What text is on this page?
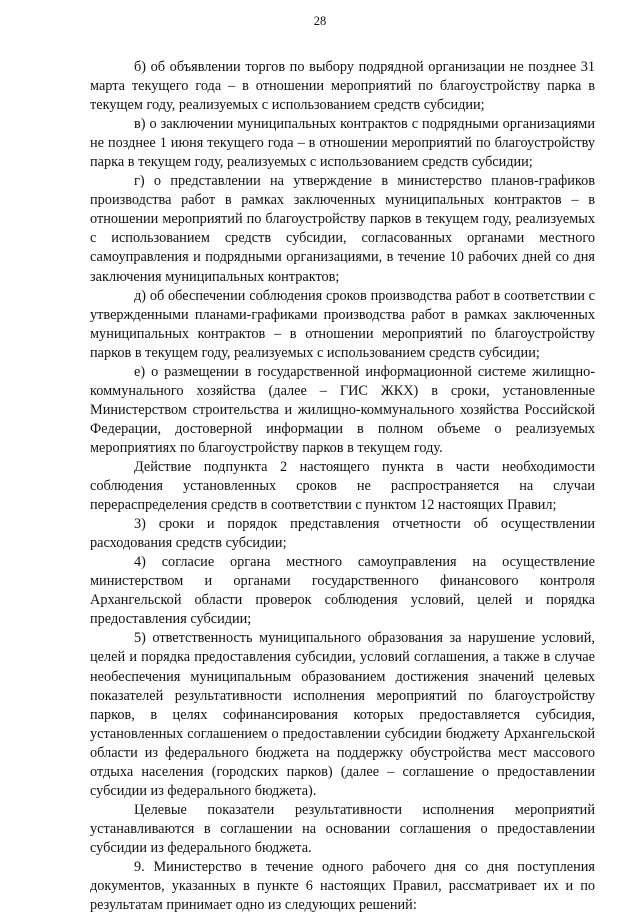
28

б) об объявлении торгов по выбору подрядной организации не позднее 31 марта текущего года – в отношении мероприятий по благоустройству парка в текущем году, реализуемых с использованием средств субсидии;

в) о заключении муниципальных контрактов с подрядными организациями не позднее 1 июня текущего года – в отношении мероприятий по благоустройству парка в текущем году, реализуемых с использованием средств субсидии;

г) о представлении на утверждение в министерство планов-графиков производства работ в рамках заключенных муниципальных контрактов – в отношении мероприятий по благоустройству парков в текущем году, реализуемых с использованием средств субсидии, согласованных органами местного самоуправления и подрядными организациями, в течение 10 рабочих дней со дня заключения муниципальных контрактов;

д) об обеспечении соблюдения сроков производства работ в соответствии с утвержденными планами-графиками производства работ в рамках заключенных муниципальных контрактов – в отношении мероприятий по благоустройству парков в текущем году, реализуемых с использованием средств субсидии;

е) о размещении в государственной информационной системе жилищно-коммунального хозяйства (далее – ГИС ЖКХ) в сроки, установленные Министерством строительства и жилищно-коммунального хозяйства Российской Федерации, достоверной информации в полном объеме о реализуемых мероприятиях по благоустройству парков в текущем году.

Действие подпункта 2 настоящего пункта в части необходимости соблюдения установленных сроков не распространяется на случаи перераспределения средств в соответствии с пунктом 12 настоящих Правил;

3) сроки и порядок представления отчетности об осуществлении расходования средств субсидии;

4) согласие органа местного самоуправления на осуществление министерством и органами государственного финансового контроля Архангельской области проверок соблюдения условий, целей и порядка предоставления субсидии;

5) ответственность муниципального образования за нарушение условий, целей и порядка предоставления субсидии, условий соглашения, а также в случае необеспечения муниципальным образованием достижения значений целевых показателей результативности исполнения мероприятий по благоустройству парков, в целях софинансирования которых предоставляется субсидия, установленных соглашением о предоставлении субсидии бюджету Архангельской области из федерального бюджета на поддержку обустройства мест массового отдыха населения (городских парков) (далее – соглашение о предоставлении субсидии из федерального бюджета).

Целевые показатели результативности исполнения мероприятий устанавливаются в соглашении на основании соглашения о предоставлении субсидии из федерального бюджета.

9. Министерство в течение одного рабочего дня со дня поступления документов, указанных в пункте 6 настоящих Правил, рассматривает их и по результатам принимает одно из следующих решений:
